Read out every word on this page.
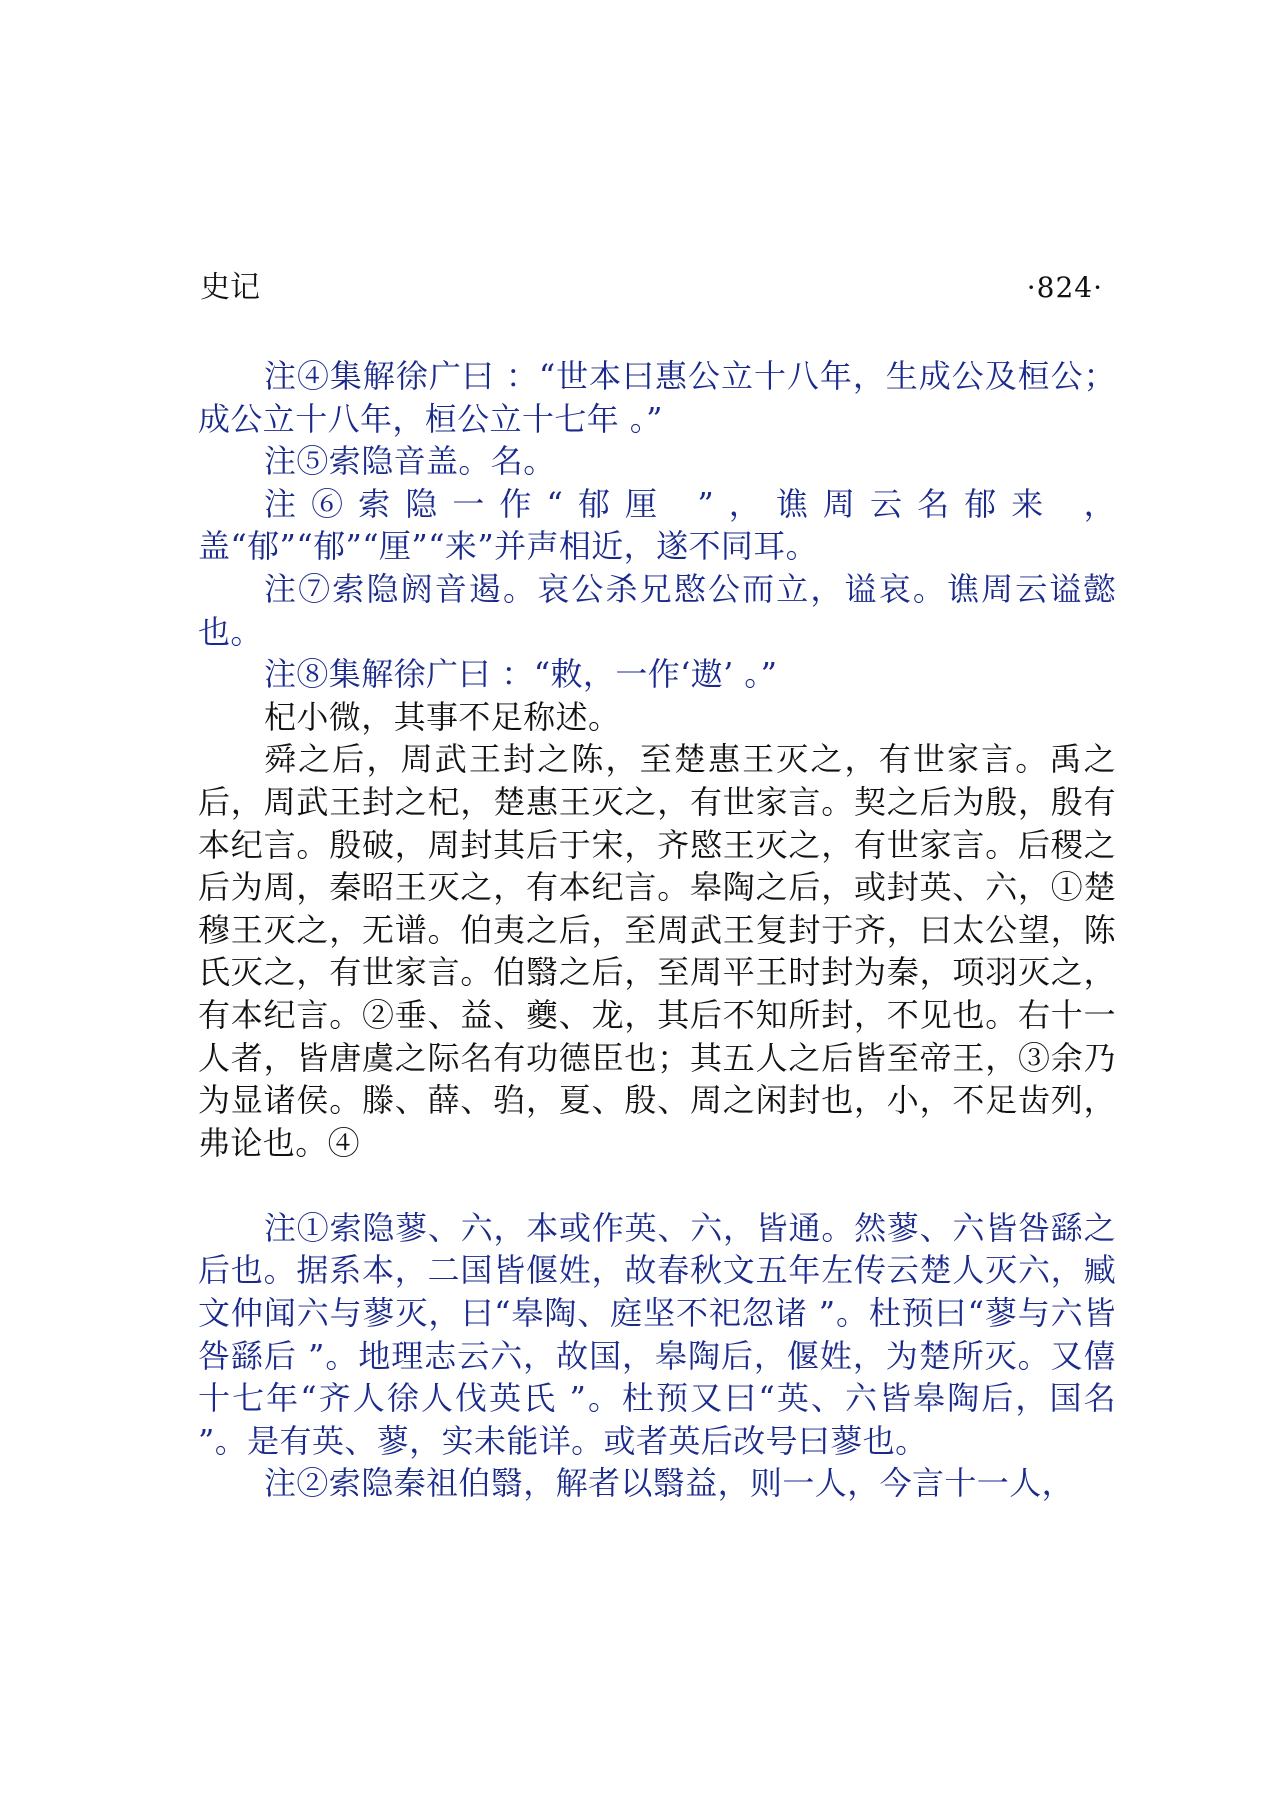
史记	·824·

注④集解徐广曰 ：“世本曰惠公立十八年，生成公及桓公；成公立十八年，桓公立十七年 。”

注⑤索隐音盖。名。

注⑥索隐一作“郁厘 ”，谯周云名郁来 ，盖“郁”“郁”“厘”“来”并声相近，遂不同耳。

注⑦索隐阏音遏。哀公杀兄愍公而立，谥哀。谯周云谥懿也。

注⑧集解徐广曰 ：“敕，一作‘遨’ 。”

杞小微，其事不足称述。

舜之后，周武王封之陈，至楚惠王灭之，有世家言。禹之后，周武王封之杞，楚惠王灭之，有世家言。契之后为殷，殷有本纪言。殷破，周封其后于宋，齐愍王灭之，有世家言。后稷之后为周，秦昭王灭之，有本纪言。皋陶之后，或封英、六，①楚穆王灭之，无谱。伯夷之后，至周武王复封于齐，曰太公望，陈氏灭之，有世家言。伯翳之后，至周平王时封为秦，项羽灭之，有本纪言。②垂、益、夔、龙，其后不知所封，不见也。右十一人者，皆唐虞之际名有功德臣也；其五人之后皆至帝王，③余乃为显诸侯。滕、薛、驺，夏、殷、周之闲封也，小，不足齿列，弗论也。④

注①索隐蓼、六，本或作英、六，皆通。然蓼、六皆咎繇之后也。据系本，二国皆偃姓，故春秋文五年左传云楚人灭六，臧文仲闻六与蓼灭，曰“皋陶、庭坚不祀忽诸 ”。杜预曰“蓼与六皆咎繇后 ”。地理志云六，故国，皋陶后，偃姓，为楚所灭。又僖十七年“齐人徐人伐英氏 ”。杜预又曰“英、六皆皋陶后，国名 ”。是有英、蓼，实未能详。或者英后改号曰蓼也。

注②索隐秦祖伯翳，解者以翳益，则一人，今言十一人，
